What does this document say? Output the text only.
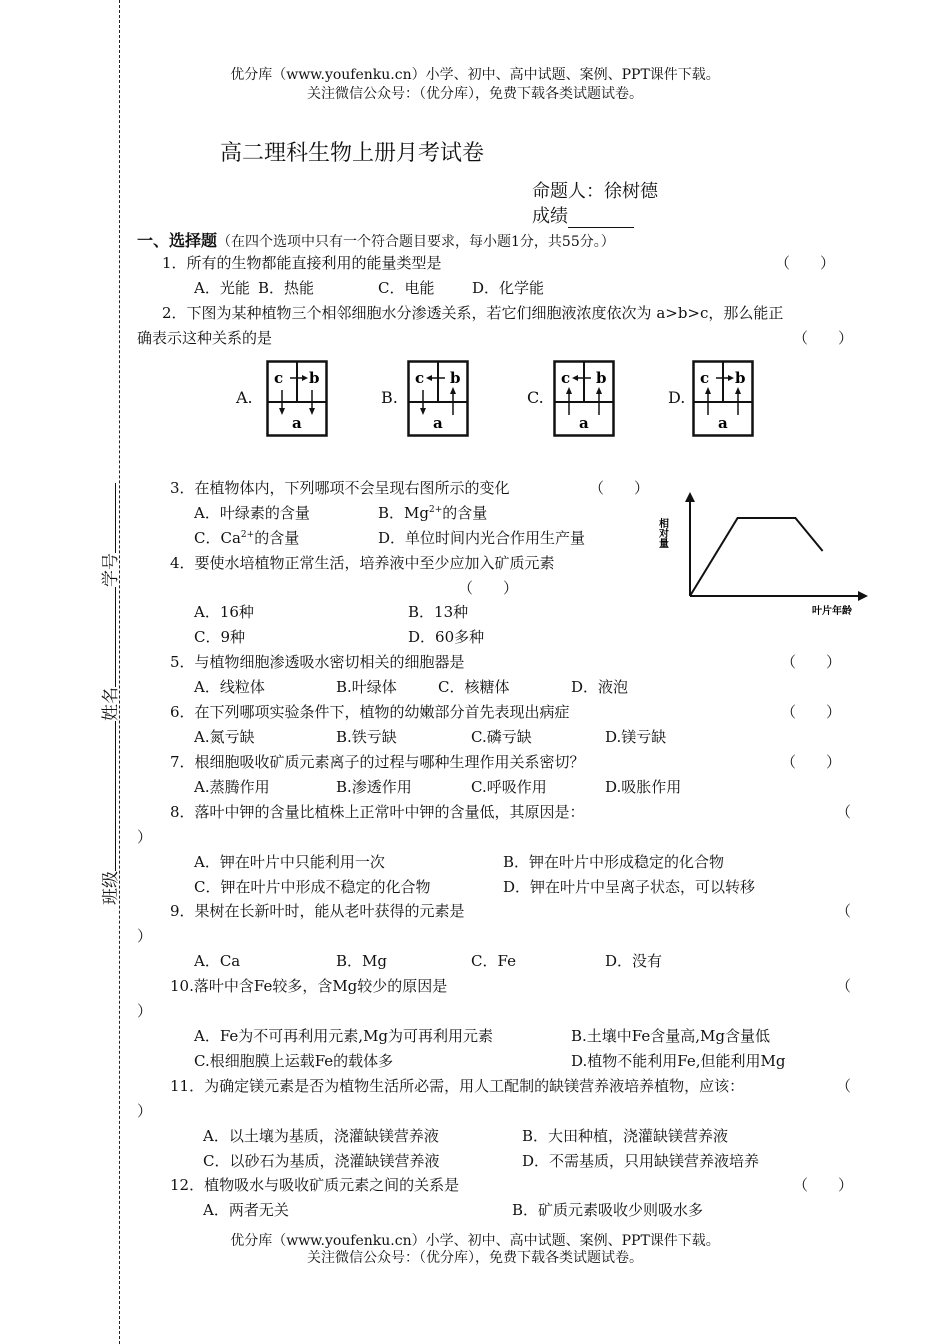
班级姓名学号
优分库（www.youfenku.cn）小学、初中、高中试题、案例、PPT课件下载。
关注微信公众号：（优分库），免费下载各类试题试卷。
高二理科生物上册月考试卷
命题人：徐树德
成绩
一、选择题（在四个选项中只有一个符合题目要求，每小题1分，共55分。）
1．所有的生物都能直接利用的能量类型是	（　　）
A．光能 B．热能	C．电能	D．化学能
2．下图为某种植物三个相邻细胞水分渗透关系，若它们细胞液浓度依次为 a>b>c，那么能正
确表示这种关系的是	（　　）
A.
c b
a
B.
c b
a
C.
c b
a
D.
c b
a
3．在植物体内，下列哪项不会呈现右图所示的变化	（　　）
A．叶绿素的含量	B．$Mg^{2+}$的含量
C．$Ca^{2+}$的含量	D．单位时间内光合作用生产量	相对量
叶片年龄
4．要使水培植物正常生活，培养液中至少应加入矿质元素
（　　）
A．16种	B．13种
C．9种	D．60多种
5．与植物细胞渗透吸水密切相关的细胞器是	（　　）
A．线粒体	B.叶绿体	C．核糖体	D．液泡
6．在下列哪项实验条件下，植物的幼嫩部分首先表现出病症	（　　）
A.氮亏缺	B.铁亏缺	C.磷亏缺	D.镁亏缺
7．根细胞吸收矿质元素离子的过程与哪种生理作用关系密切？	（　　）
A.蒸腾作用	B.渗透作用	C.呼吸作用	D.吸胀作用
8．落叶中钾的含量比植株上正常叶中钾的含量低，其原因是：	（
）
A．钾在叶片中只能利用一次	B．钾在叶片中形成稳定的化合物
C．钾在叶片中形成不稳定的化合物	D．钾在叶片中呈离子状态，可以转移
9．果树在长新叶时，能从老叶获得的元素是	（
）
A．Ca	B．Mg	C．Fe	D．没有
10.落叶中含Fe较多，含Mg较少的原因是	（
）
A．Fe为不可再利用元素,Mg为可再利用元素	B.土壤中Fe含量高,Mg含量低
C.根细胞膜上运载Fe的载体多	D.植物不能利用Fe,但能利用Mg
11．为确定镁元素是否为植物生活所必需，用人工配制的缺镁营养液培养植物，应该：	（
）
A．以土壤为基质，浇灌缺镁营养液	B．大田种植，浇灌缺镁营养液
C．以砂石为基质，浇灌缺镁营养液	D．不需基质，只用缺镁营养液培养
12．植物吸水与吸收矿质元素之间的关系是	（　　）
A．两者无关	B．矿质元素吸收少则吸水多
优分库（www.youfenku.cn）小学、初中、高中试题、案例、PPT课件下载。
关注微信公众号：（优分库），免费下载各类试题试卷。
